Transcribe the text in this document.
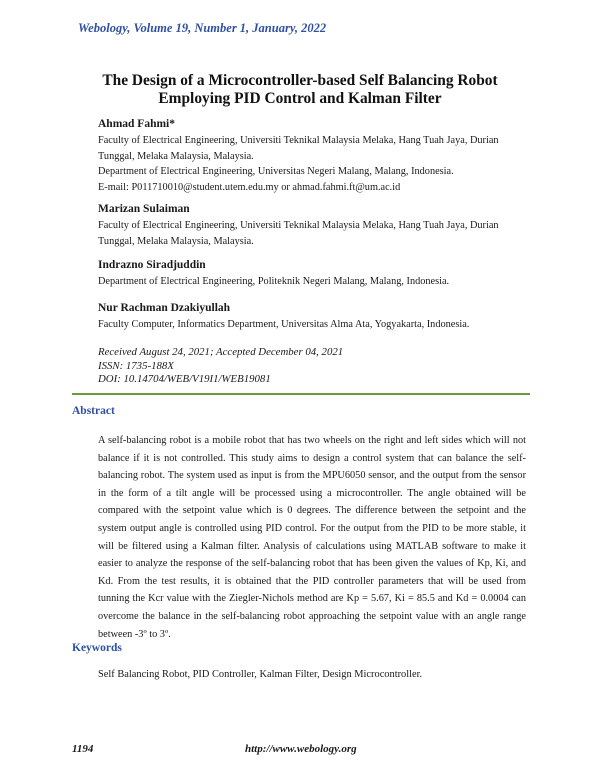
Webology, Volume 19, Number 1, January, 2022
The Design of a Microcontroller-based Self Balancing Robot
Employing PID Control and Kalman Filter
Ahmad Fahmi*
Faculty of Electrical Engineering, Universiti Teknikal Malaysia Melaka, Hang Tuah Jaya, Durian
Tunggal, Melaka Malaysia, Malaysia.
Department of Electrical Engineering, Universitas Negeri Malang, Malang, Indonesia.
E-mail: P011710010@student.utem.edu.my or ahmad.fahmi.ft@um.ac.id
Marizan Sulaiman
Faculty of Electrical Engineering, Universiti Teknikal Malaysia Melaka, Hang Tuah Jaya, Durian
Tunggal, Melaka Malaysia, Malaysia.
Indrazno Siradjuddin
Department of Electrical Engineering, Politeknik Negeri Malang, Malang, Indonesia.
Nur Rachman Dzakiyullah
Faculty Computer, Informatics Department, Universitas Alma Ata, Yogyakarta, Indonesia.
Received August 24, 2021; Accepted December 04, 2021
ISSN: 1735-188X
DOI: 10.14704/WEB/V19I1/WEB19081
Abstract

A self-balancing robot is a mobile robot that has two wheels on the right and left sides which will not balance if it is not controlled. This study aims to design a control system that can balance the self-balancing robot. The system used as input is from the MPU6050 sensor, and the output from the sensor in the form of a tilt angle will be processed using a microcontroller. The angle obtained will be compared with the setpoint value which is 0 degrees. The difference between the setpoint and the system output angle is controlled using PID control. For the output from the PID to be more stable, it will be filtered using a Kalman filter. Analysis of calculations using MATLAB software to make it easier to analyze the response of the self-balancing robot that has been given the values of Kp, Ki, and Kd. From the test results, it is obtained that the PID controller parameters that will be used from tunning the Kcr value with the Ziegler-Nichols method are Kp = 5.67, Ki = 85.5 and Kd = 0.0004 can overcome the balance in the self-balancing robot approaching the setpoint value with an angle range between -3º to 3º.

Keywords
Self Balancing Robot, PID Controller, Kalman Filter, Design Microcontroller.
1194	http://www.webology.org
